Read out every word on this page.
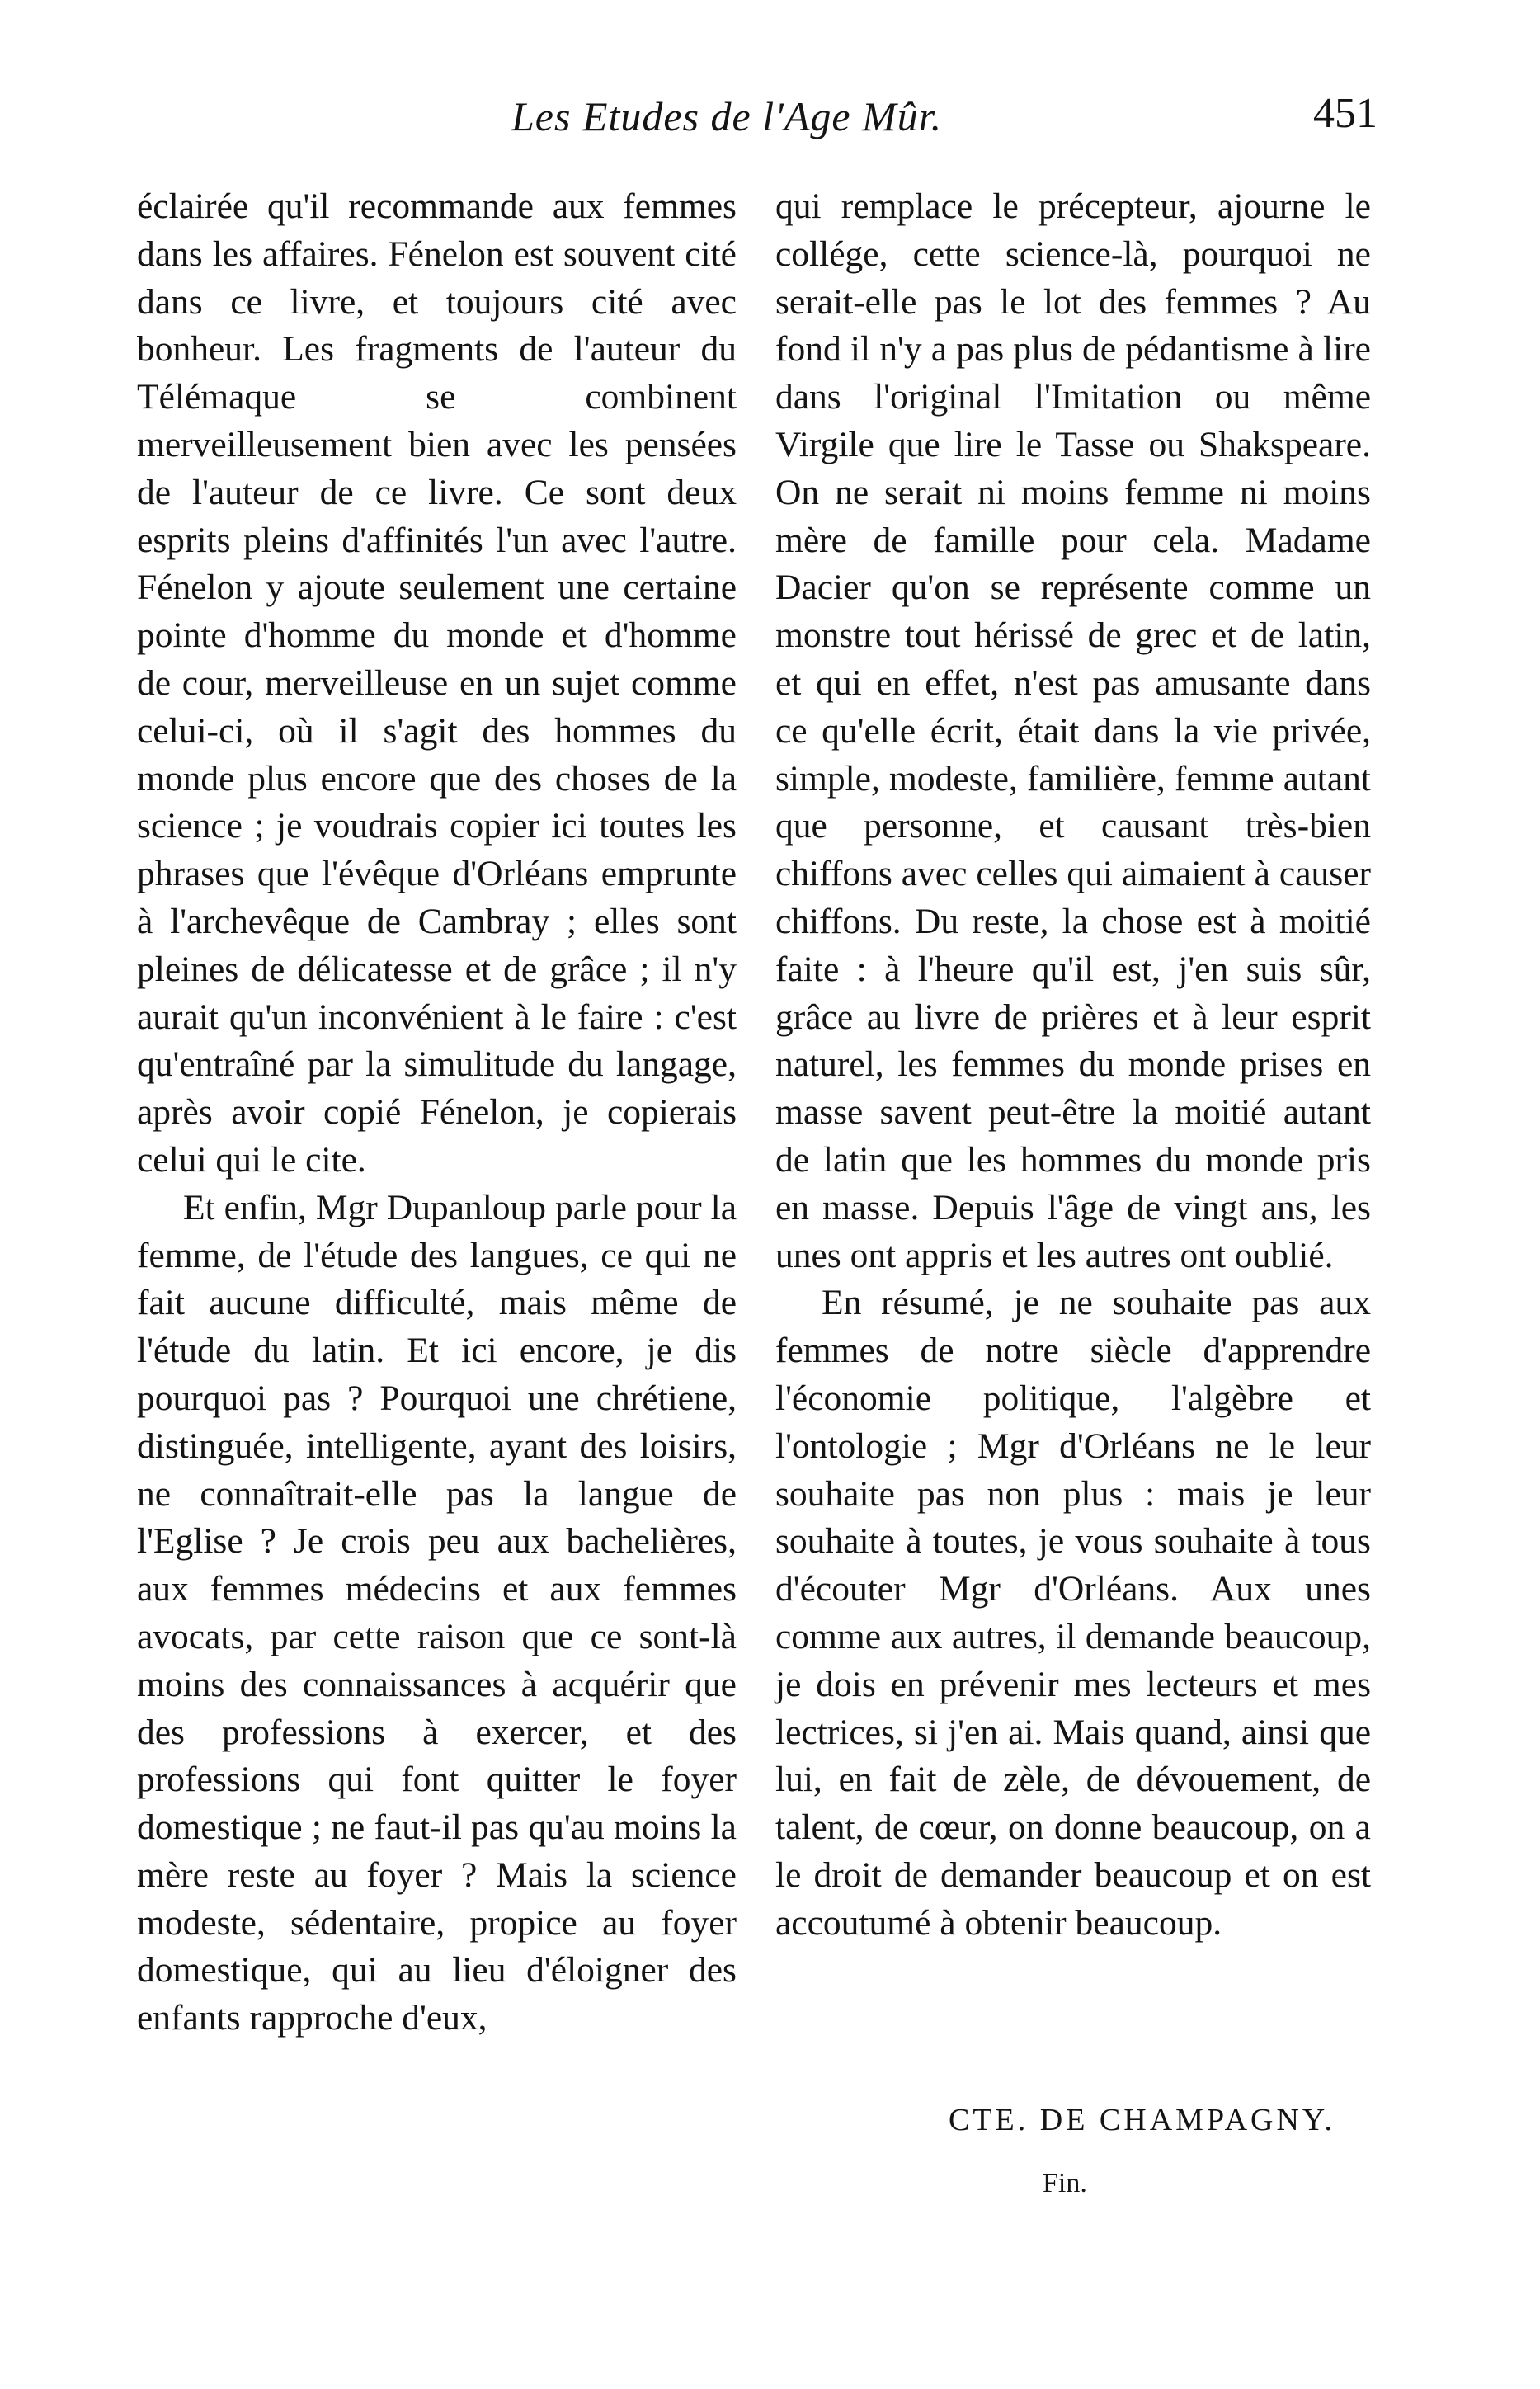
Les Etudes de l'Age Mûr.	451

éclairée qu'il recommande aux femmes dans les affaires. Fénelon est souvent cité dans ce livre, et toujours cité avec bonheur. Les fragments de l'auteur du Télémaque se combinent merveilleusement bien avec les pensées de l'auteur de ce livre. Ce sont deux esprits pleins d'affinités l'un avec l'autre. Fénelon y ajoute seulement une certaine pointe d'homme du monde et d'homme de cour, merveilleuse en un sujet comme celui-ci, où il s'agit des hommes du monde plus encore que des choses de la science ; je voudrais copier ici toutes les phrases que l'évêque d'Orléans emprunte à l'archevêque de Cambray ; elles sont pleines de délicatesse et de grâce ; il n'y aurait qu'un inconvénient à le faire : c'est qu'entraîné par la simulitude du langage, après avoir copié Fénelon, je copierais celui qui le cite.

Et enfin, Mgr Dupanloup parle pour la femme, de l'étude des langues, ce qui ne fait aucune difficulté, mais même de l'étude du latin. Et ici encore, je dis pourquoi pas ? Pourquoi une chrétiene, distinguée, intelligente, ayant des loisirs, ne connaîtrait-elle pas la langue de l'Eglise ? Je crois peu aux bachelières, aux femmes médecins et aux femmes avocats, par cette raison que ce sont-là moins des connaissances à acquérir que des professions à exercer, et des professions qui font quitter le foyer domestique ; ne faut-il pas qu'au moins la mère reste au foyer ? Mais la science modeste, sédentaire, propice au foyer domestique, qui au lieu d'éloigner des enfants rapproche d'eux,

qui remplace le précepteur, ajourne le collége, cette science-là, pourquoi ne serait-elle pas le lot des femmes ? Au fond il n'y a pas plus de pédantisme à lire dans l'original l'Imitation ou même Virgile que lire le Tasse ou Shakspeare. On ne serait ni moins femme ni moins mère de famille pour cela. Madame Dacier qu'on se représente comme un monstre tout hérissé de grec et de latin, et qui en effet, n'est pas amusante dans ce qu'elle écrit, était dans la vie privée, simple, modeste, familière, femme autant que personne, et causant très-bien chiffons avec celles qui aimaient à causer chiffons. Du reste, la chose est à moitié faite : à l'heure qu'il est, j'en suis sûr, grâce au livre de prières et à leur esprit naturel, les femmes du monde prises en masse savent peut-être la moitié autant de latin que les hommes du monde pris en masse. Depuis l'âge de vingt ans, les unes ont appris et les autres ont oublié.

En résumé, je ne souhaite pas aux femmes de notre siècle d'apprendre l'économie politique, l'algèbre et l'ontologie ; Mgr d'Orléans ne le leur souhaite pas non plus : mais je leur souhaite à toutes, je vous souhaite à tous d'écouter Mgr d'Orléans. Aux unes comme aux autres, il demande beaucoup, je dois en prévenir mes lecteurs et mes lectrices, si j'en ai. Mais quand, ainsi que lui, en fait de zèle, de dévouement, de talent, de cœur, on donne beaucoup, on a le droit de demander beaucoup et on est accoutumé à obtenir beaucoup.

CTE. DE CHAMPAGNY.
Fin.
